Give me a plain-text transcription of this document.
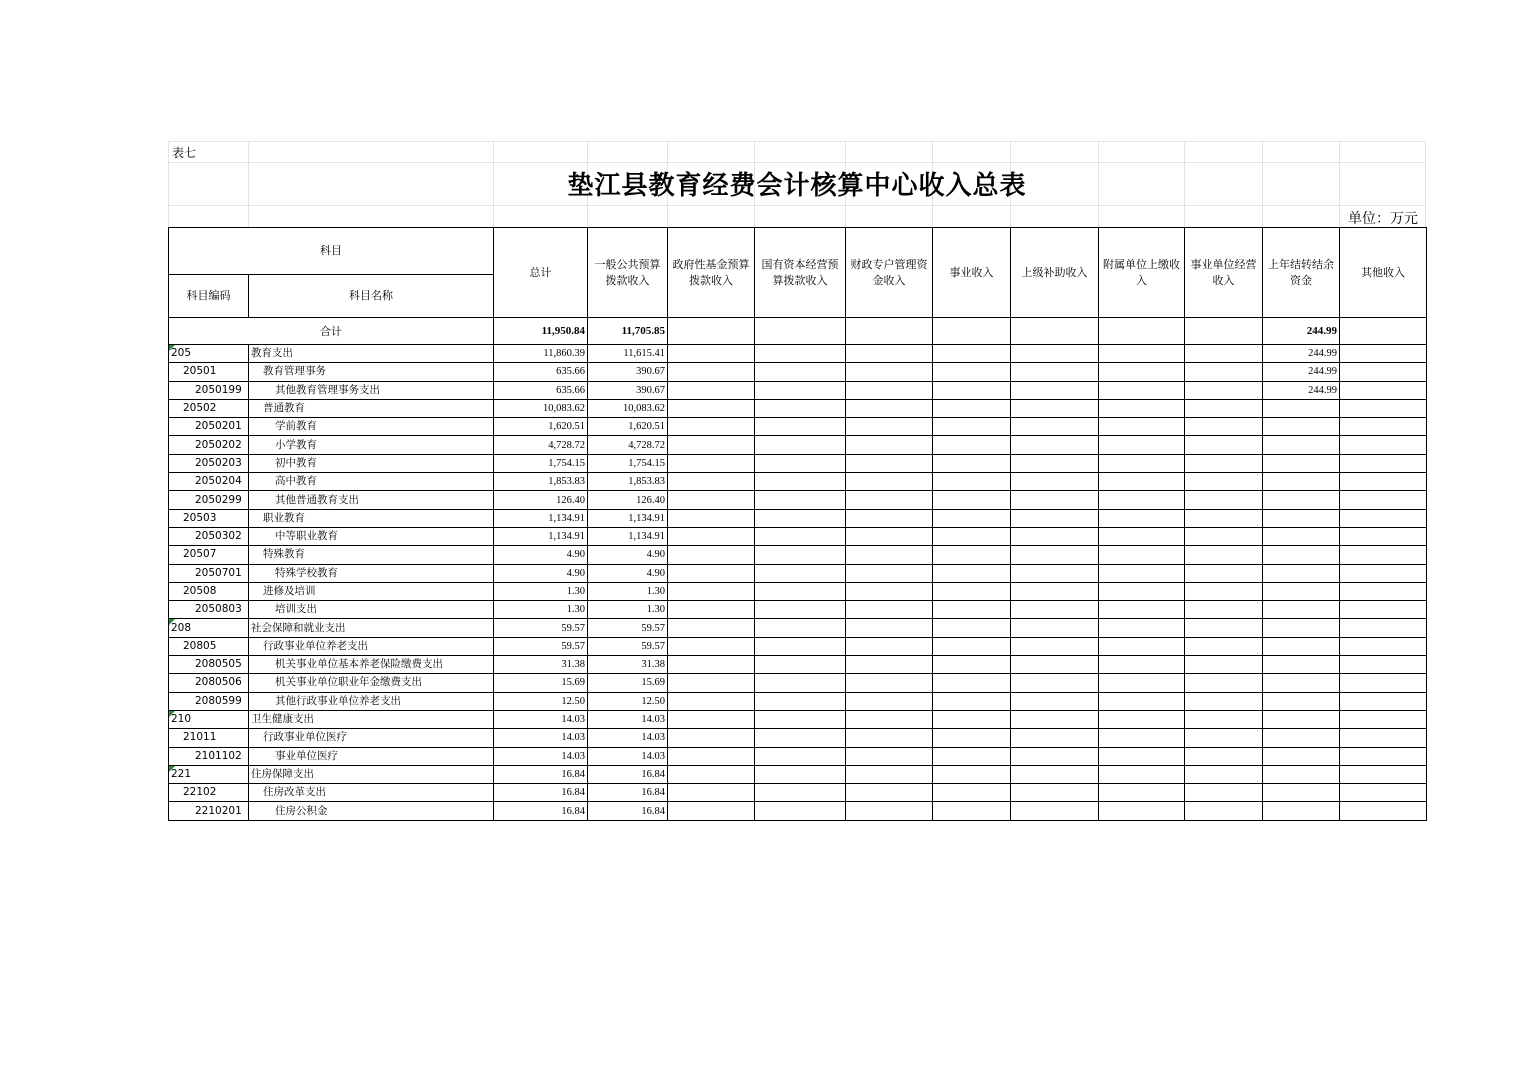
表七
垫江县教育经费会计核算中心收入总表
单位：万元
科目		总计	一般公共预算拨款收入	政府性基金预算拨款收入	国有资本经营预算拨款收入	财政专户管理资金收入	事业收入	上级补助收入	附属单位上缴收入	事业单位经营收入	上年结转结余资金	其他收入
科目编码	科目名称											
合计		11,950.84	11,705.85								244.99	
205	教育支出	11,860.39	11,615.41								244.99	
20501	教育管理事务	635.66	390.67								244.99	
2050199	其他教育管理事务支出	635.66	390.67								244.99	
20502	普通教育	10,083.62	10,083.62									
2050201	学前教育	1,620.51	1,620.51									
2050202	小学教育	4,728.72	4,728.72									
2050203	初中教育	1,754.15	1,754.15									
2050204	高中教育	1,853.83	1,853.83									
2050299	其他普通教育支出	126.40	126.40									
20503	职业教育	1,134.91	1,134.91									
2050302	中等职业教育	1,134.91	1,134.91									
20507	特殊教育	4.90	4.90									
2050701	特殊学校教育	4.90	4.90									
20508	进修及培训	1.30	1.30									
2050803	培训支出	1.30	1.30									
208	社会保障和就业支出	59.57	59.57									
20805	行政事业单位养老支出	59.57	59.57									
2080505	机关事业单位基本养老保险缴费支出	31.38	31.38									
2080506	机关事业单位职业年金缴费支出	15.69	15.69									
2080599	其他行政事业单位养老支出	12.50	12.50									
210	卫生健康支出	14.03	14.03									
21011	行政事业单位医疗	14.03	14.03									
2101102	事业单位医疗	14.03	14.03									
221	住房保障支出	16.84	16.84									
22102	住房改革支出	16.84	16.84									
2210201	住房公积金	16.84	16.84									
